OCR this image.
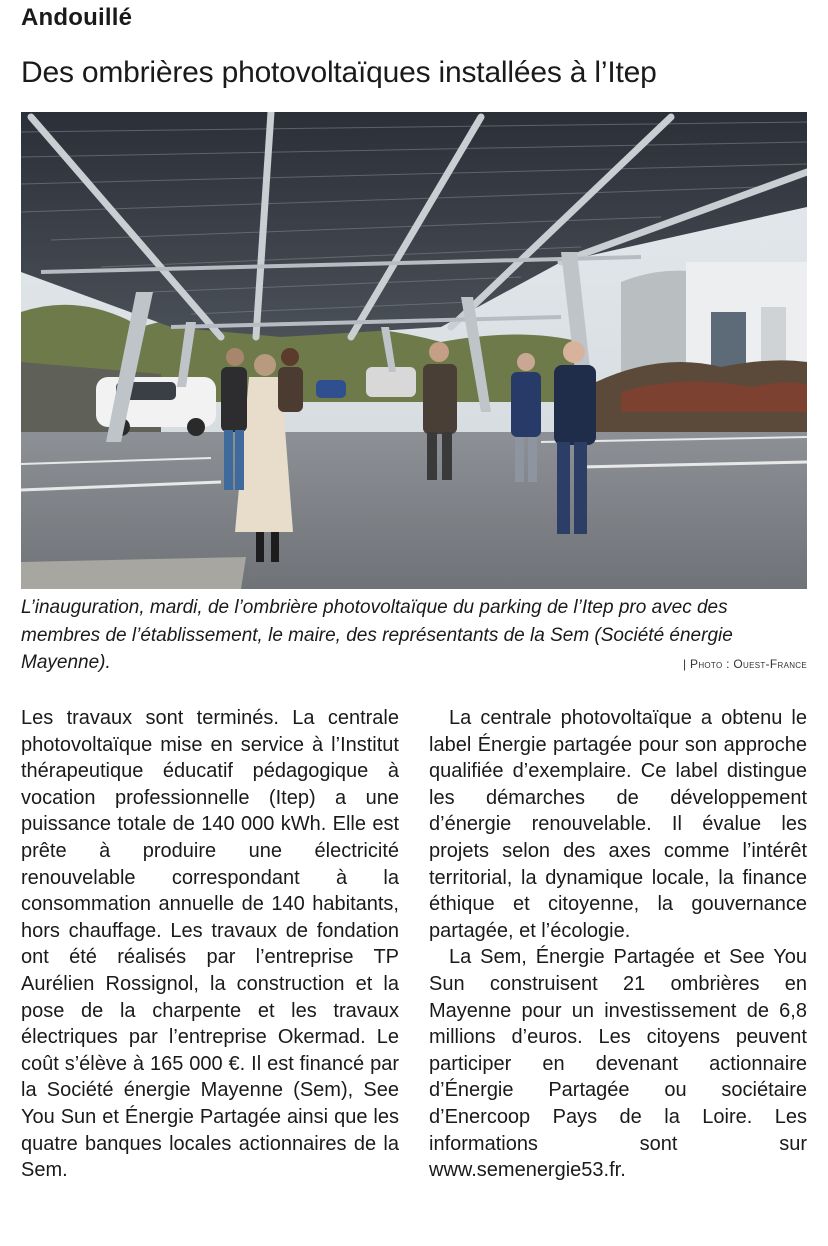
Andouillé
Des ombrières photovoltaïques installées à l’Itep
L’inauguration, mardi, de l’ombrière photovoltaïque du parking de l’Itep pro avec des membres de l’établissement, le maire, des représentants de la Sem (Société énergie Mayenne).	| Photo : Ouest-France

Les travaux sont terminés. La centrale photovoltaïque mise en service à l’Institut thérapeutique éducatif pédagogique à vocation professionnelle (Itep) a une puissance totale de 140 000 kWh. Elle est prête à produire une électricité renouvelable correspondant à la consommation annuelle de 140 habitants, hors chauffage. Les travaux de fondation ont été réalisés par l’entreprise TP Aurélien Rossignol, la construction et la pose de la charpente et les travaux électriques par l’entreprise Okermad. Le coût s’élève à 165 000 €. Il est financé par la Société énergie Mayenne (Sem), See You Sun et Énergie Partagée ainsi que les quatre banques locales actionnaires de la Sem.

La centrale photovoltaïque a obtenu le label Énergie partagée pour son approche qualifiée d’exemplaire. Ce label distingue les démarches de développement d’énergie renouvelable. Il évalue les projets selon des axes comme l’intérêt territorial, la dynamique locale, la finance éthique et citoyenne, la gouvernance partagée, et l’écologie.

La Sem, Énergie Partagée et See You Sun construisent 21 ombrières en Mayenne pour un investissement de 6,8 millions d’euros. Les citoyens peuvent participer en devenant actionnaire d’Énergie Partagée ou sociétaire d’Enercoop Pays de la Loire. Les informations sont sur www.semenergie53.fr.
